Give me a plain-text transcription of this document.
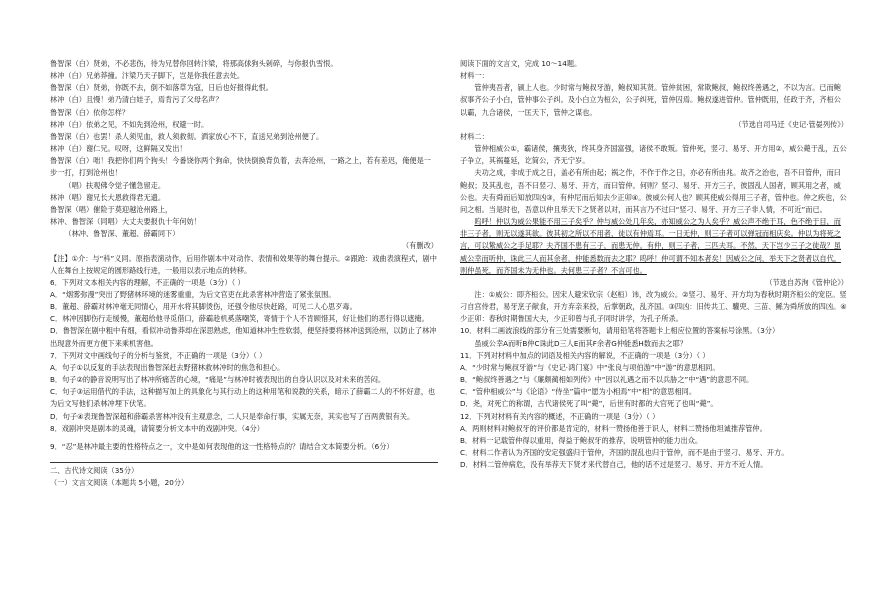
鲁智深（白）贤弟，不必悲伤，待为兄替你回转汴梁，将那高俅狗头剁碎，与你报仇雪恨。

林冲（白）兄弟莽撞。汴梁乃天子脚下，岂是你我任意去处。

鲁智深（白）贤弟，你既不去，倒不如落草为寇，日后也好报得此恨。

林冲（白）且慢！弟乃清白娃子，焉肯污了父母名声？

鲁智深（白）依你怎样？

林冲（白）依弟之见，不如先到沧州，权避一时。

鲁智深（白）也罢！杀人须见血，救人须救彻。洒家放心不下，直送兄弟到沧州便了。

林冲（白）谢仁兄。叹呀，这鲜隔又发出！

鲁智深（白）咄！我把你们两个狗头！今番饶你两个狗命，快快倒换背负着，去奔沧州，一路之上，若有差迟，俺便是一步一打，打到沧州也！

（唱）扶观佛令觉子懂急留走。

林冲（唱）谢兄长大恩救得君无遗。

鲁智深（唱）催险于莫迎越沧州路上，

林冲、鲁智深（同唱）大丈夫要报仇十年何妨！

（林冲、鲁智深、董超、薛霸同下）

（有删改）

【注】①介：与“科”义同。原指表演动作，后用作剧本中对动作、表情和效果等的舞台提示。②跟跄：戏曲表演程式，剧中人在舞台上按规定的圆形路线行进，一般用以表示地点的转移。

6．下列对文本相关内容的理解，不正确的一项是（3分）（ ）

A．“烟雾弥漫”突出了野猪林环境的迷雾重重，为后文官吏在此杀害林冲营造了紧张氛围。

B．董超、薛霸对林冲毫无同情心，用开水将其脚烫伤，还强令他尽快赶路，可见二人心思歹毒。

C．林冲因脚伤行走缓慢，董超给他寻觅借口，薛霸趁机奚落嘲笑，寄情于个人不肯顾惜其，好让他们的恶行得以遮掩。

D．鲁智深在剧中粗中有细，看似冲动鲁莽却在深思熟虑，他知道林冲生性软弱，便坚持要将林冲送到沧州，以防止了林冲出现意外而更方便下来乘机害他。

7．下列对文中画线句子的分析与鉴赏，不正确的一项是（3分）（ ）

A．句子①以反复的手法表现出鲁智深赶去野猪林救林冲时的焦急和担心。

B．句子②的静音说明写出了林冲所痛苦的心境，“痛是”与林冲时被表现出的自身认识以及对未来的苦闷。

C．句子③运用借代的手法，这种描写加上的具象化与其行动上的这种用笔和说教的关系，暗示了薛霸二人的不怀好意，也为后文写他们杀林冲埋下伏笔。

D．句子④表现鲁智深超和薛霸杀害林冲没有主观意念，二人只是奉命行事，实属无奈，其实也写了百两黄银有关。

8．戏剧冲突是剧本的灵魂，请简要分析文本中的戏剧冲突。（4分）

9．“忍”是林冲最主要的性格特点之一，文中是如何表现他的这一性格特点的？请结合文本简要分析。（6分）

二、古代诗文阅读（35分）

（一）文言文阅读（本题共 5小题，20分）

阅读下面的文言文，完成 10～14题。

材料一：

管仲夷吾者，颍上人也。少时常与鲍叔牙游，鲍叔知其贤。管仲贫困，常欺鲍叔，鲍叔终善遇之，不以为言。已而鲍叔事齐公子小白，管仲事公子纠。及小白立为桓公，公子纠死，管仲囚焉。鲍叔遂进管仲。管仲既用，任政于齐，齐桓公以霸，九合诸侯，一匡天下，管仲之谋也。

（节选自司马迁《史记·管晏列传》）

材料二：

管仲相威公①，霸诸侯，攘夷狄，终其身齐国富强，诸侯不敢叛。管仲死，竖刁、易牙、开方用②，威公薨于乱，五公子争立，其祸蔓延，讫简公，齐无宁岁。

夫功之成，非成于成之日，盖必有所由起；祸之作，不作于作之日，亦必有所由兆。故齐之治也，吾不曰管仲，而曰鲍叔；及其乱也，吾不曰竖刁、易牙、开方，而曰管仲。何则？竖刁、易牙、开方三子，彼固乱人国者，顾其用之者，威公也。夫有舜而后知放四凶③，有仲尼而后知去少正卯④。彼威公何人也？顾其使威公得用三子者，管仲也。仲之疾也，公问之相。当是时也，吾意以仲且举天下之贤者以对，而其言乃不过曰“竖刁、易牙、开方三子非人情，不可近”而已。

呜呼！仲以为威公果能不用三子矣乎？仲与威公处几年矣，亦知威公之为人矣乎？威公声不绝于耳，色不绝于目，而非三子者，则无以遂其欲。彼其初之所以不用者，徒以有仲焉耳。一日无仲，则三子者可以弹冠而相庆矣。仲以为将死之言，可以絷威公之手足耶？夫齐国不患有三子，而患无仲。有仲，则三子者，三匹夫耳。不然，天下岂少三子之徒哉？虽威公幸而听仲，诛此三人而其余者，仲能悉数而去之耶？呜呼！仲可谓不知本者矣！因威公之问，举天下之贤者以自代，则仲虽死，而齐国未为无仲也。夫何患三子者？不言可也。

（节选自苏洵《管仲论》）

注：①威公：即齐桓公。因宋人避宋钦宗（赵桓）讳，改为威公。②竖刁、易牙、开方均为春秋时期齐桓公的宠臣。竖刁自宫侍君，易牙烹子献食，开方弃亲来投，后掌朝政，乱齐国。③四凶：旧传共工、驩兜、三苗、鲧为舜所放的四凶。④少正卯：春秋时期鲁国大夫，少正卯曾与孔子同时讲学，为孔子所杀。

10．材料二画波浪线的部分有三处需要断句，请用铅笔将答题卡上相应位置的答案标号涂黑。（3分）

虽威公幸A而听B仲C诛此D三人E而其F余者G仲能悉H数而去之耶？

11．下列对材料中加点的词语及相关内容的解说，不正确的一项是（3分）（ ）

A．“少时常与鲍叔牙游”与《史记·鸿门宴》中“张良与项伯游”中“游”的意思相同。

B．“鲍叔终善遇之”与《廉颇蔺相如列传》中“因以礼遇之而不以兵胁之”中“遇”的意思不同。

C．“管仲相威公”与《论语》“侍坐”篇中“愿为小相焉”中“相”的意思相同。

D．尧，对死亡的称谓，古代诸侯死了叫“薨”，后世有时都的大官死了也叫“薨”。

12．下列对材料有关内容的概述，不正确的一项是（3分）（ ）

A．两则材料对鲍叔牙的评价都是肯定的，材料一赞扬他善于识人，材料二赞扬他坦诚推荐管仲。

B．材料一记载管仲得以重用，得益于鲍叔牙的推荐，说明管仲的能力出众。

C．材料二作者认为齐国的安定强盛归于管仲，齐国的混乱也归于管仲，而不是由于竖刁、易牙、开方。

D．材料二管仲病危，没有举荐天下贤才来代替自己，他的话不过是竖刁、易牙、开方不近人情。
